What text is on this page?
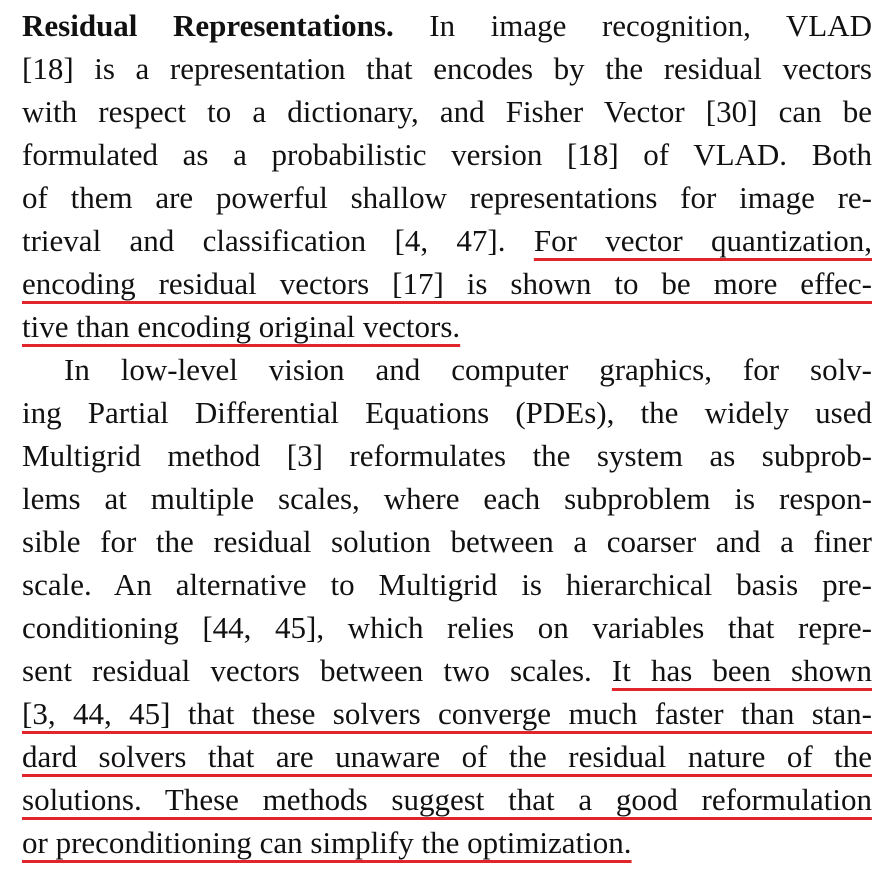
Residual Representations. In image recognition, VLAD
[18] is a representation that encodes by the residual vectors
with respect to a dictionary, and Fisher Vector [30] can be
formulated as a probabilistic version [18] of VLAD. Both
of them are powerful shallow representations for image re-
trieval and classification [4, 47]. For vector quantization,
encoding residual vectors [17] is shown to be more effec-
tive than encoding original vectors.
In low-level vision and computer graphics, for solv-
ing Partial Differential Equations (PDEs), the widely used
Multigrid method [3] reformulates the system as subprob-
lems at multiple scales, where each subproblem is respon-
sible for the residual solution between a coarser and a finer
scale. An alternative to Multigrid is hierarchical basis pre-
conditioning [44, 45], which relies on variables that repre-
sent residual vectors between two scales. It has been shown
[3, 44, 45] that these solvers converge much faster than stan-
dard solvers that are unaware of the residual nature of the
solutions. These methods suggest that a good reformulation
or preconditioning can simplify the optimization.
